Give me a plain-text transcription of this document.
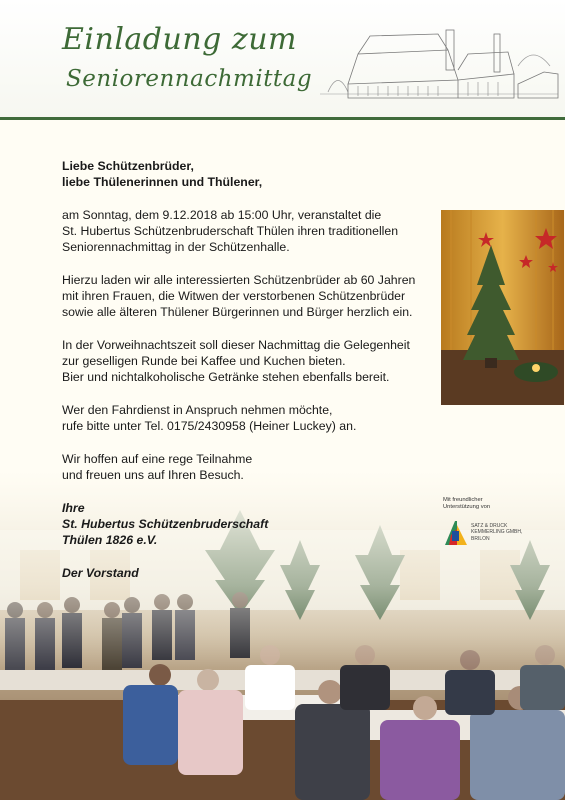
Einladung zum
Seniorennachmittag
Liebe Schützenbrüder,
liebe Thülenerinnen und Thülener,
am Sonntag, dem 9.12.2018 ab 15:00 Uhr, veranstaltet die
St. Hubertus Schützenbruderschaft Thülen ihren traditionellen
Seniorennachmittag in der Schützenhalle.
Hierzu laden wir alle interessierten Schützenbrüder ab 60 Jahren
mit ihren Frauen, die Witwen der verstorbenen Schützenbrüder
sowie alle älteren Thülener Bürgerinnen und Bürger herzlich ein.
In der Vorweihnachtszeit soll dieser Nachmittag die Gelegenheit
zur geselligen Runde bei Kaffee und Kuchen bieten.
Bier und nichtalkoholische Getränke stehen ebenfalls bereit.
Wer den Fahrdienst in Anspruch nehmen möchte,
rufe bitte unter Tel. 0175/2430958 (Heiner Luckey) an.
Wir hoffen auf eine rege Teilnahme
und freuen uns auf Ihren Besuch.
Ihre
St. Hubertus Schützenbruderschaft
Thülen 1826 e.V.
Der Vorstand
Mit freundlicher
Unterstützung von
SATZ & DRUCK
KEMMERLING GMBH,
BRILON
